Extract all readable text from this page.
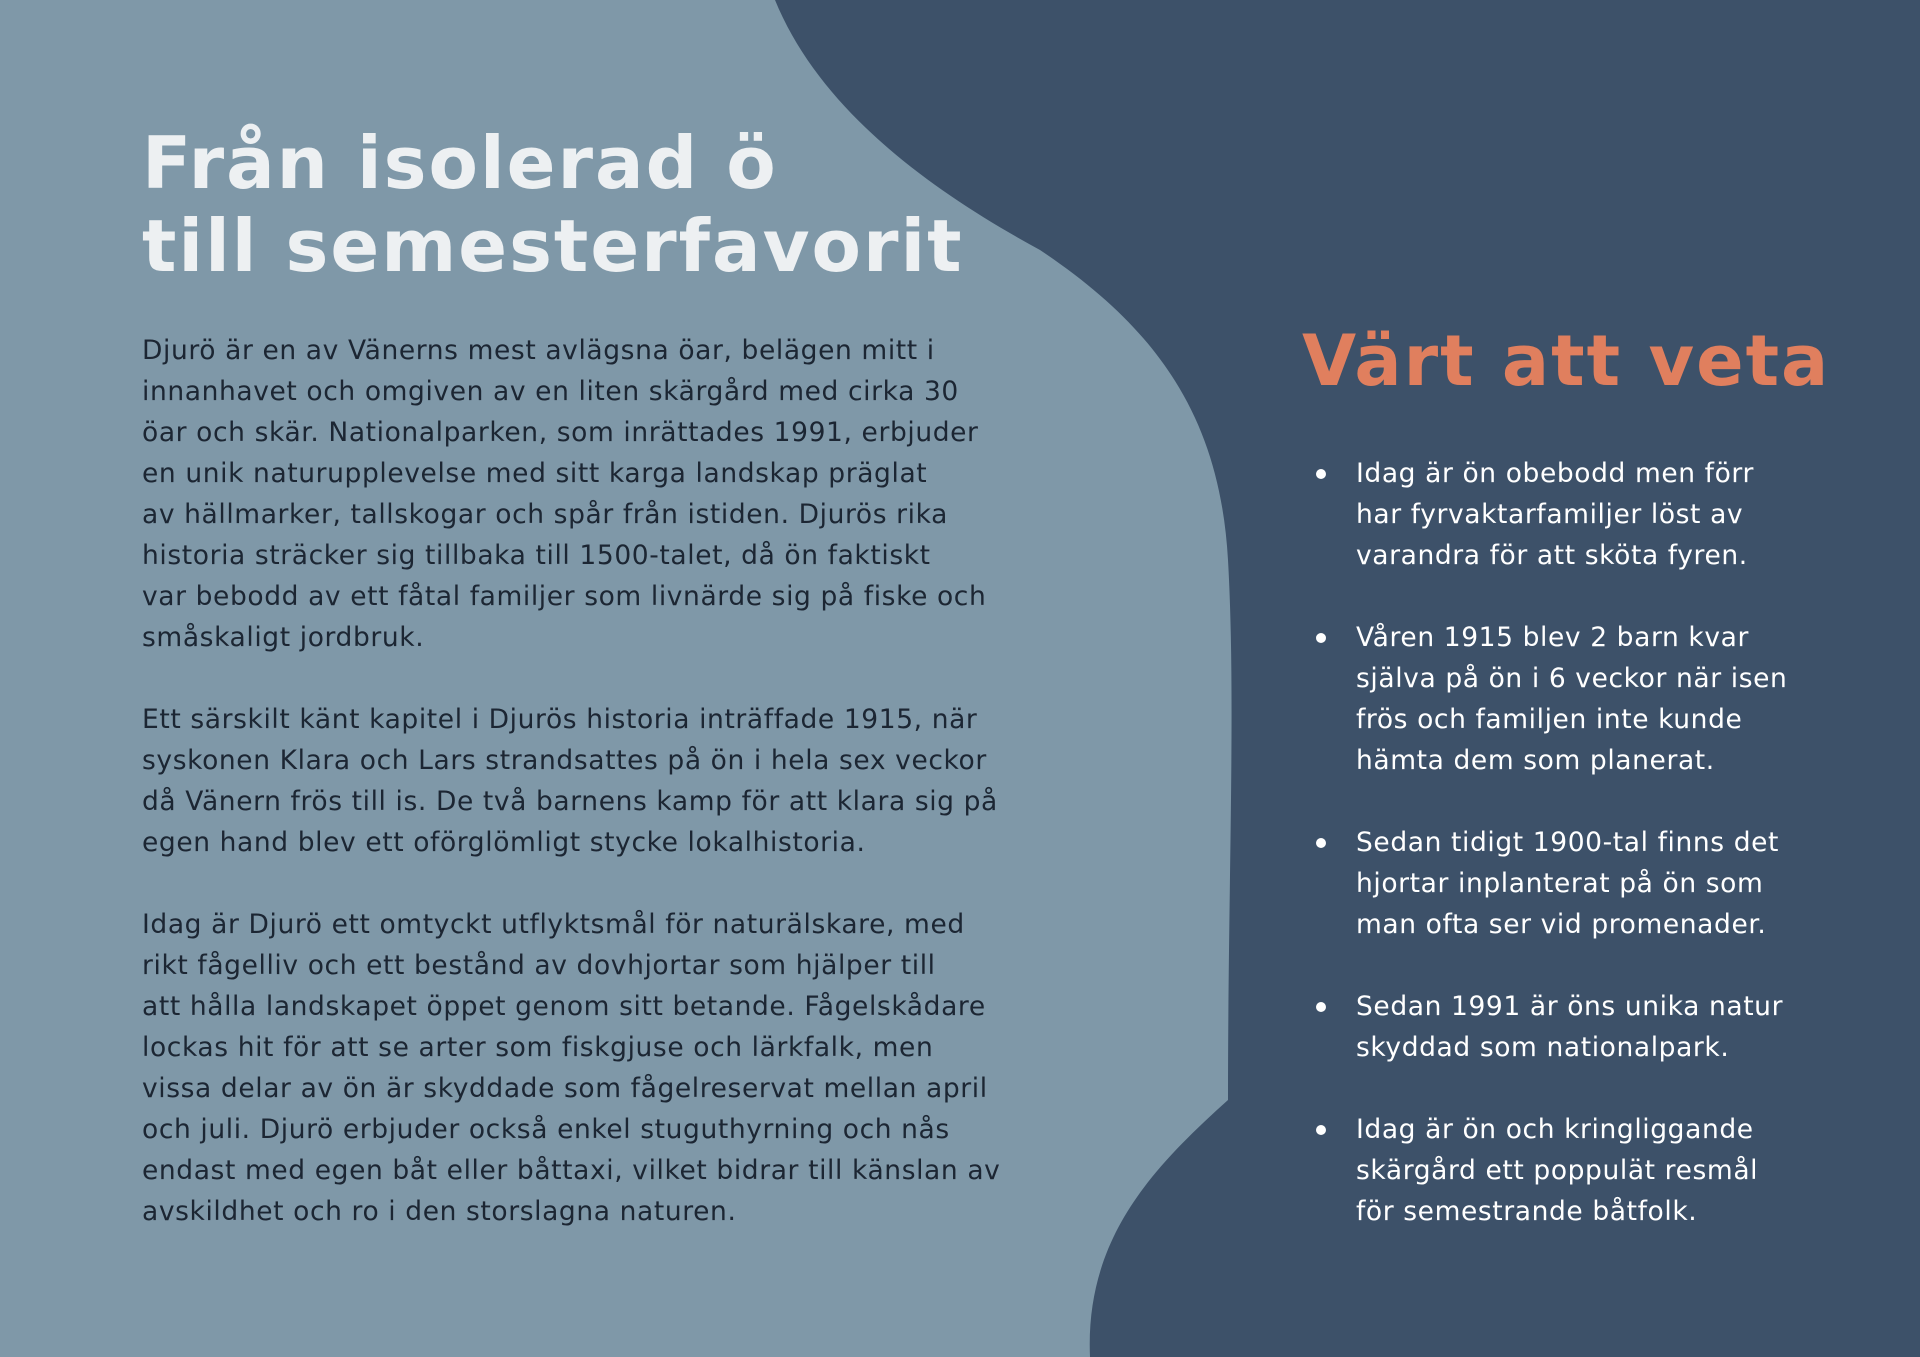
Från isolerad ö
till semesterfavorit

Djurö är en av Vänerns mest avlägsna öar, belägen mitt i
innanhavet och omgiven av en liten skärgård med cirka 30
öar och skär. Nationalparken, som inrättades 1991, erbjuder
en unik naturupplevelse med sitt karga landskap präglat
av hällmarker, tallskogar och spår från istiden. Djurös rika
historia sträcker sig tillbaka till 1500-talet, då ön faktiskt
var bebodd av ett fåtal familjer som livnärde sig på fiske och
småskaligt jordbruk.

Ett särskilt känt kapitel i Djurös historia inträffade 1915, när
syskonen Klara och Lars strandsattes på ön i hela sex veckor
då Vänern frös till is. De två barnens kamp för att klara sig på
egen hand blev ett oförglömligt stycke lokalhistoria.

Idag är Djurö ett omtyckt utflyktsmål för naturälskare, med
rikt fågelliv och ett bestånd av dovhjortar som hjälper till
att hålla landskapet öppet genom sitt betande. Fågelskådare
lockas hit för att se arter som fiskgjuse och lärkfalk, men
vissa delar av ön är skyddade som fågelreservat mellan april
och juli. Djurö erbjuder också enkel stuguthyrning och nås
endast med egen båt eller båttaxi, vilket bidrar till känslan av
avskildhet och ro i den storslagna naturen.

Värt att veta
Idag är ön obebodd men förr
har fyrvaktarfamiljer löst av
varandra för att sköta fyren.
Våren 1915 blev 2 barn kvar
själva på ön i 6 veckor när isen
frös och familjen inte kunde
hämta dem som planerat.
Sedan tidigt 1900-tal finns det
hjortar inplanterat på ön som
man ofta ser vid promenader.
Sedan 1991 är öns unika natur
skyddad som nationalpark.
Idag är ön och kringliggande
skärgård ett poppulät resmål
för semestrande båtfolk.
